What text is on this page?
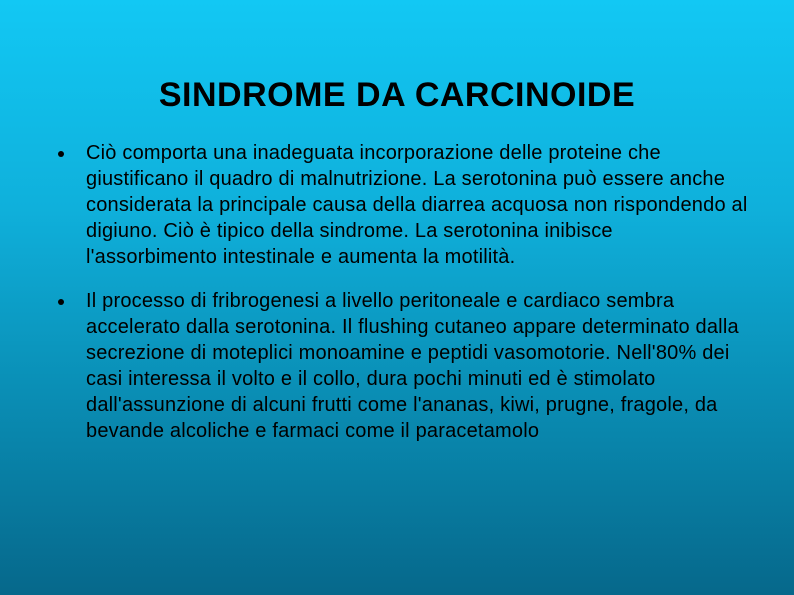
SINDROME DA CARCINOIDE
Ciò comporta una inadeguata incorporazione delle proteine che giustificano il quadro di malnutrizione. La serotonina può essere anche considerata la principale causa della diarrea acquosa non rispondendo al digiuno. Ciò è tipico della sindrome. La serotonina inibisce l'assorbimento intestinale e aumenta la motilità.
Il processo di fribrogenesi a livello peritoneale e cardiaco sembra accelerato dalla serotonina. Il flushing cutaneo appare determinato dalla secrezione di moteplici monoamine e peptidi vasomotorie. Nell'80% dei casi interessa il volto e il collo, dura pochi minuti ed è stimolato dall'assunzione di alcuni frutti come l'ananas, kiwi, prugne, fragole, da bevande alcoliche e farmaci come il paracetamolo
